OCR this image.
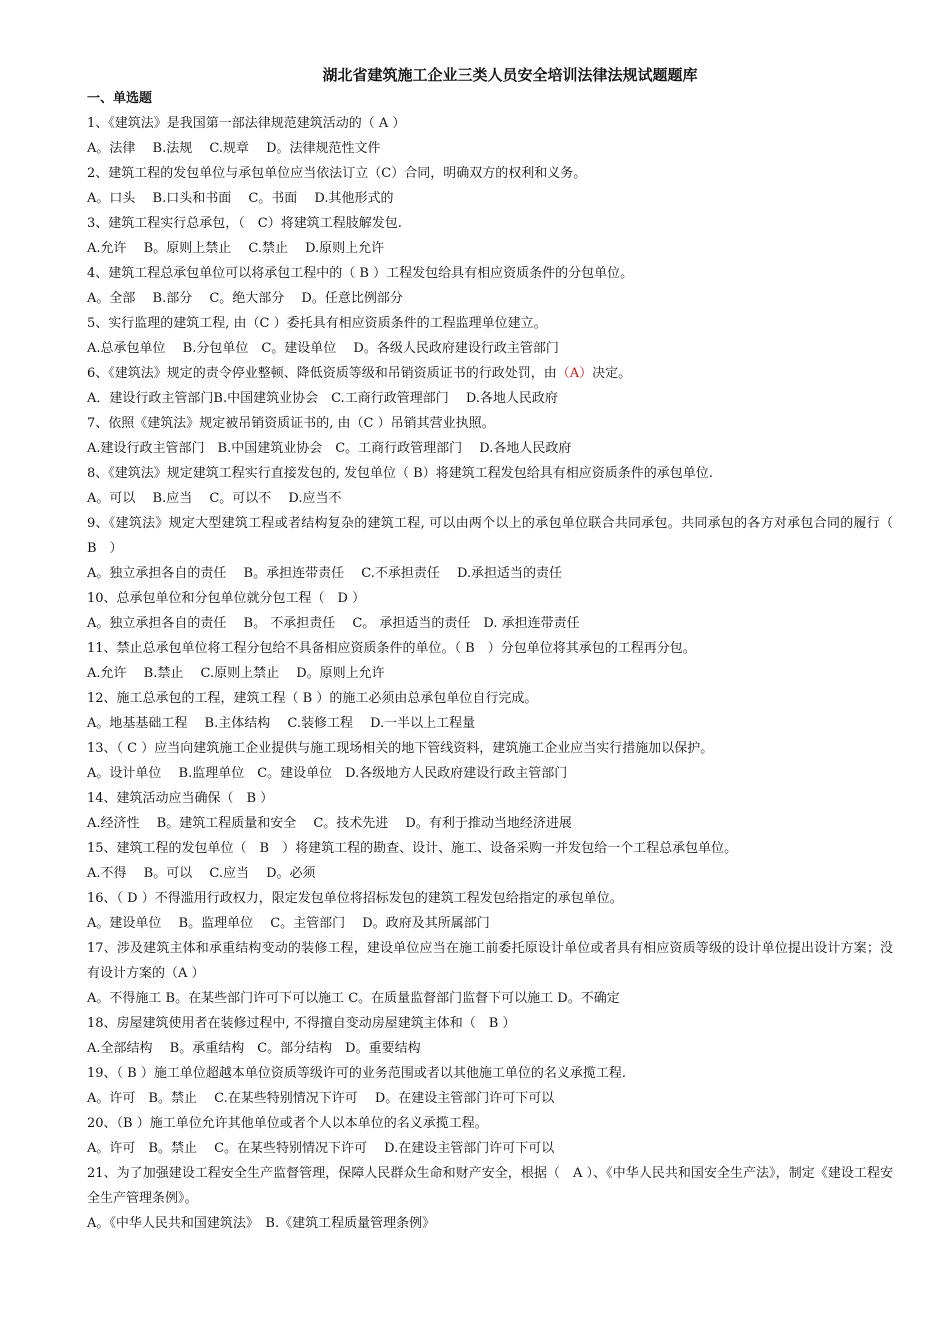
湖北省建筑施工企业三类人员安全培训法律法规试题题库

一、单选题

1、《建筑法》是我国第一部法律规范建筑活动的（ A ）

A。法律　 B.法规　 C.规章　 D。法律规范性文件

2、建筑工程的发包单位与承包单位应当依法订立（C）合同，明确双方的权利和义务。

A。口头　 B.口头和书面　 C。书面　 D.其他形式的

3、建筑工程实行总承包，（　C）将建筑工程肢解发包.

A.允许　 B。原则上禁止　 C.禁止　 D.原则上允许

4、建筑工程总承包单位可以将承包工程中的（ B ）工程发包给具有相应资质条件的分包单位。

A。全部　 B.部分　 C。绝大部分　 D。任意比例部分

5、实行监理的建筑工程, 由（C ）委托具有相应资质条件的工程监理单位建立。

A.总承包单位　 B.分包单位　C。建设单位　 D。各级人民政府建设行政主管部门

6、《建筑法》规定的责令停业整顿、降低资质等级和吊销资质证书的行政处罚，由（A）决定。

A．建设行政主管部门B.中国建筑业协会　C.工商行政管理部门　 D.各地人民政府

7、依照《建筑法》规定被吊销资质证书的, 由（C ）吊销其营业执照。

A.建设行政主管部门　B.中国建筑业协会　C。工商行政管理部门　 D.各地人民政府

8、《建筑法》规定建筑工程实行直接发包的, 发包单位（ B）将建筑工程发包给具有相应资质条件的承包单位.

A。可以　 B.应当　 C。可以不　 D.应当不

9、《建筑法》规定大型建筑工程或者结构复杂的建筑工程, 可以由两个以上的承包单位联合共同承包。共同承包的各方对承包合同的履行（　B　）

A。独立承担各自的责任　 B。承担连带责任　 C.不承担责任　 D.承担适当的责任

10、总承包单位和分包单位就分包工程（　D ）

A。独立承担各自的责任　 B。 不承担责任　 C。 承担适当的责任　D. 承担连带责任

11、禁止总承包单位将工程分包给不具备相应资质条件的单位。（ B　）分包单位将其承包的工程再分包。

A.允许　 B.禁止　 C.原则上禁止　 D。原则上允许

12、施工总承包的工程，建筑工程（ B ）的施工必须由总承包单位自行完成。

A。地基基础工程　 B.主体结构　 C.装修工程　 D.一半以上工程量

13、（ C ）应当向建筑施工企业提供与施工现场相关的地下管线资料，建筑施工企业应当实行措施加以保护。

A。设计单位　 B.监理单位　C。建设单位　D.各级地方人民政府建设行政主管部门

14、建筑活动应当确保（　B ）

A.经济性　 B。建筑工程质量和安全　 C。技术先进　 D。有利于推动当地经济进展

15、建筑工程的发包单位（　B　）将建筑工程的勘查、设计、施工、设备采购一并发包给一个工程总承包单位。

A.不得　 B。可以　 C.应当　 D。必须

16、（ D ）不得滥用行政权力，限定发包单位将招标发包的建筑工程发包给指定的承包单位。

A。建设单位　 B。监理单位　 C。主管部门　 D。政府及其所属部门

17、涉及建筑主体和承重结构变动的装修工程，建设单位应当在施工前委托原设计单位或者具有相应资质等级的设计单位提出设计方案；没有设计方案的（A ）

A。不得施工 B。在某些部门许可下可以施工 C。在质量监督部门监督下可以施工 D。不确定

18、房屋建筑使用者在装修过程中, 不得擅自变动房屋建筑主体和（　B ）

A.全部结构　 B。承重结构　C。部分结构　D。重要结构

19、（ B ）施工单位超越本单位资质等级许可的业务范围或者以其他施工单位的名义承揽工程.

A。许可　B。禁止　 C.在某些特别情况下许可　 D。在建设主管部门许可下可以

20、（B ）施工单位允许其他单位或者个人以本单位的名义承揽工程。

A。许可　B。禁止　 C。在某些特别情况下许可　 D.在建设主管部门许可下可以

21、为了加强建设工程安全生产监督管理，保障人民群众生命和财产安全，根据（　A ）、《中华人民共和国安全生产法》，制定《建设工程安全生产管理条例》。

A。《中华人民共和国建筑法》　B.《建筑工程质量管理条例》
